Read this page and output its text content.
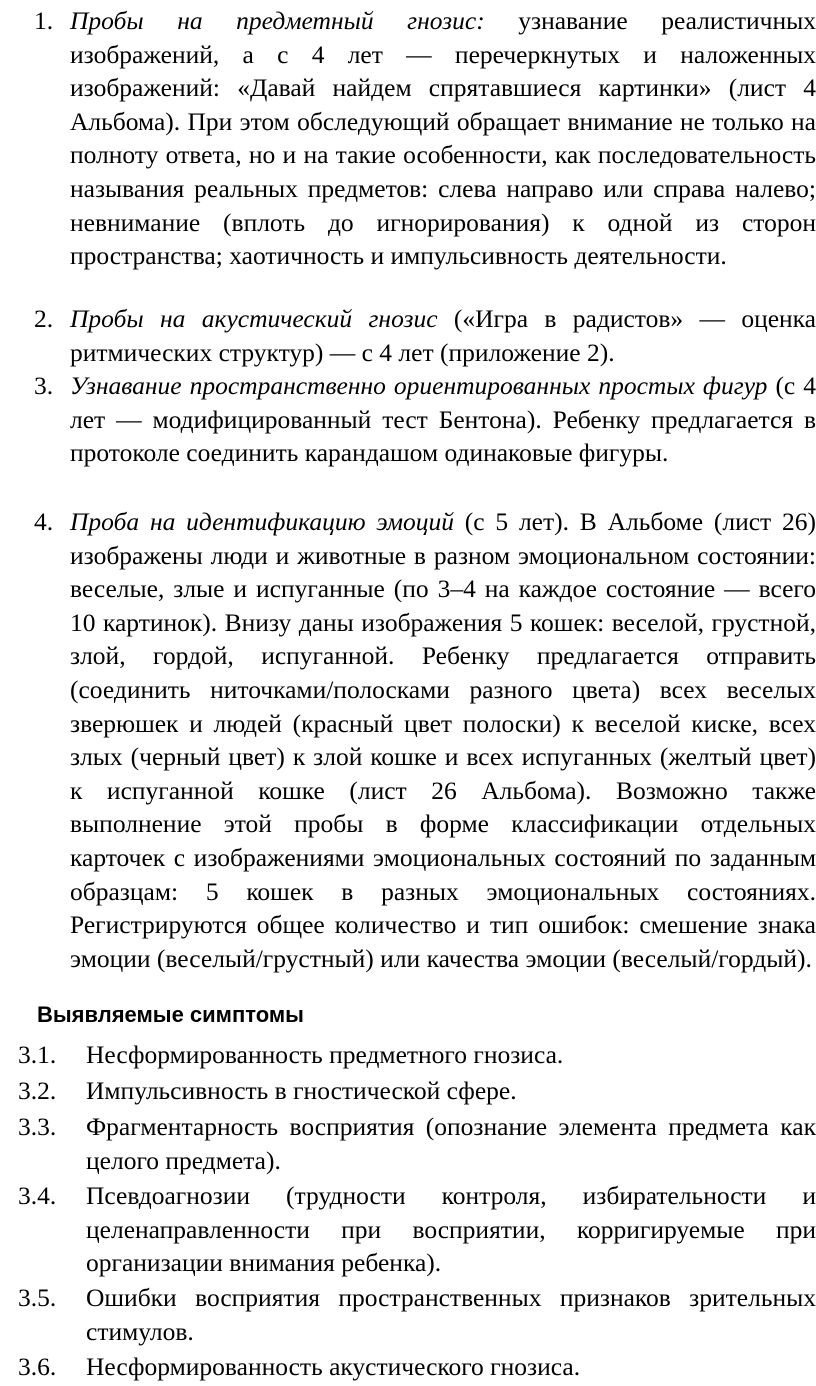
1. Пробы на предметный гнозис: узнавание реалистичных изображений, а с 4 лет — перечеркнутых и наложенных изображений: «Давай найдем спрятавшиеся картинки» (лист 4 Альбома). При этом обследующий обращает внимание не только на полноту ответа, но и на такие особенности, как последовательность называния реальных предметов: слева направо или справа налево; невнимание (вплоть до игнорирования) к одной из сторон пространства; хаотичность и импульсивность деятельности.
2. Пробы на акустический гнозис («Игра в радистов» — оценка ритмических структур) — с 4 лет (приложение 2).
3. Узнавание пространственно ориентированных простых фигур (с 4 лет — модифицированный тест Бентона). Ребенку предлагается в протоколе соединить карандашом одинаковые фигуры.
4. Проба на идентификацию эмоций (с 5 лет). В Альбоме (лист 26) изображены люди и животные в разном эмоциональном состоянии: веселые, злые и испуганные (по 3–4 на каждое состояние — всего 10 картинок). Внизу даны изображения 5 кошек: веселой, грустной, злой, гордой, испуганной. Ребенку предлагается отправить (соединить ниточками/полосками разного цвета) всех веселых зверюшек и людей (красный цвет полоски) к веселой киске, всех злых (черный цвет) к злой кошке и всех испуганных (желтый цвет) к испуганной кошке (лист 26 Альбома). Возможно также выполнение этой пробы в форме классификации отдельных карточек с изображениями эмоциональных состояний по заданным образцам: 5 кошек в разных эмоциональных состояниях. Регистрируются общее количество и тип ошибок: смешение знака эмоции (веселый/грустный) или качества эмоции (веселый/гордый).
Выявляемые симптомы
3.1. Несформированность предметного гнозиса.
3.2. Импульсивность в гностической сфере.
3.3. Фрагментарность восприятия (опознание элемента предмета как целого предмета).
3.4. Псевдоагнозии (трудности контроля, избирательности и целенаправленности при восприятии, корригируемые при организации внимания ребенка).
3.5. Ошибки восприятия пространственных признаков зрительных стимулов.
3.6. Несформированность акустического гнозиса.
